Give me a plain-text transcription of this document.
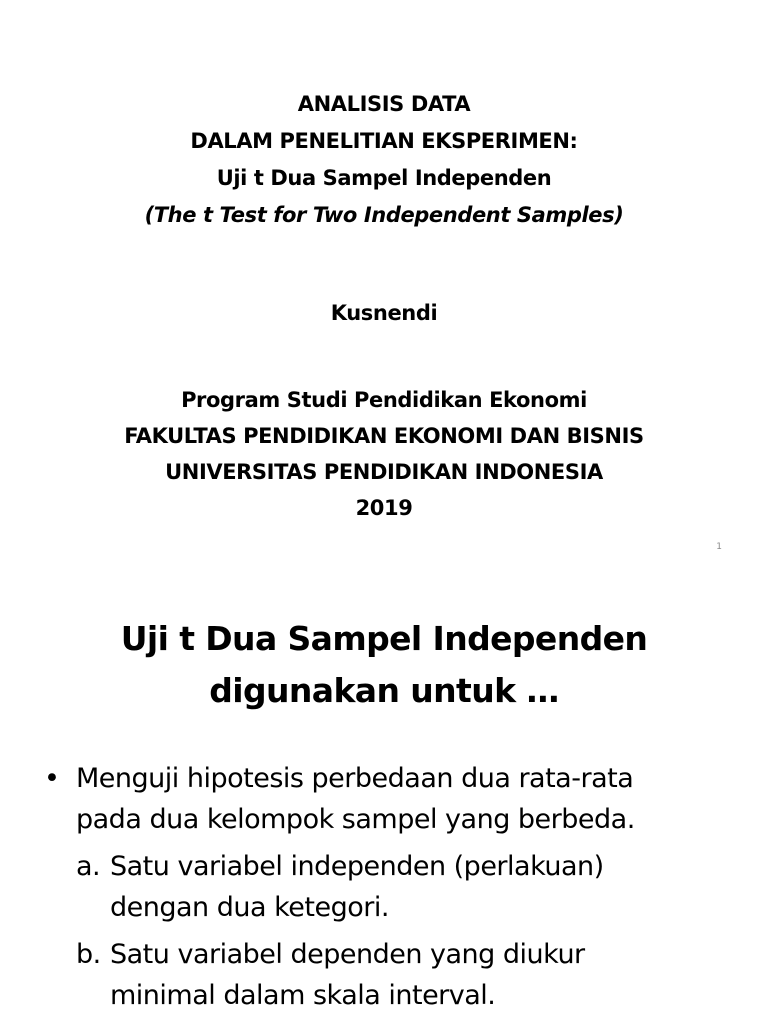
ANALISIS DATA
DALAM PENELITIAN EKSPERIMEN:
Uji t Dua Sampel Independen
(The t Test for Two Independent Samples)
Kusnendi
Program Studi Pendidikan Ekonomi
FAKULTAS PENDIDIKAN EKONOMI DAN BISNIS
UNIVERSITAS PENDIDIKAN INDONESIA
2019
1
Uji t Dua Sampel Independen
digunakan untuk …
• Menguji hipotesis perbedaan dua rata-rata
pada dua kelompok sampel yang berbeda.
a. Satu variabel independen (perlakuan)
dengan dua ketegori.
b. Satu variabel dependen yang diukur
minimal dalam skala interval.
